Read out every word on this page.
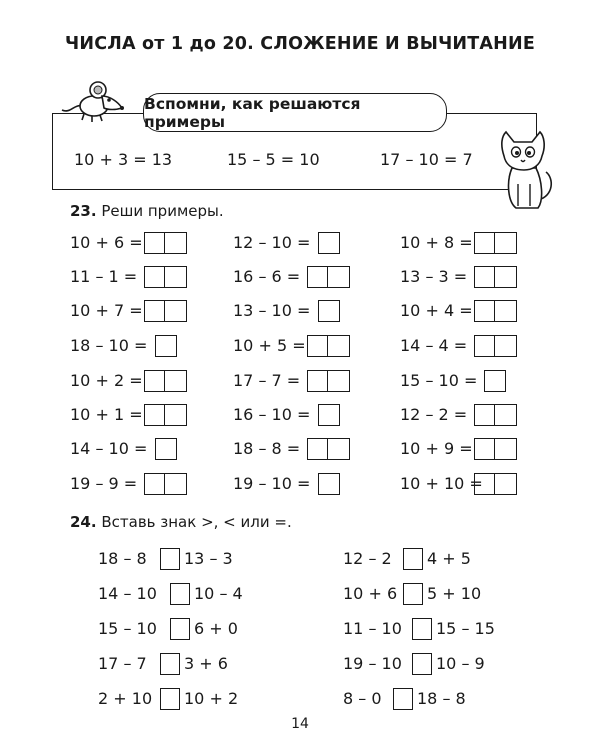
ЧИСЛА от 1 до 20. СЛОЖЕНИЕ И ВЫЧИТАНИЕ
Вспомни, как решаются примеры
10 + 3 = 13	15 – 5 = 10	17 – 10 = 7
23. Реши примеры.
10 + 6 =
11 – 1 =
10 + 7 =
18 – 10 =
10 + 2 =
10 + 1 =
14 – 10 =
19 – 9 =
12 – 10 =
16 – 6 =
13 – 10 =
10 + 5 =
17 – 7 =
16 – 10 =
18 – 8 =
19 – 10 =
10 + 8 =
13 – 3 =
10 + 4 =
14 – 4 =
15 – 10 =
12 – 2 =
10 + 9 =
10 + 10 =
24. Вставь знак >, < или =.
18 – 8 13 – 3
14 – 10 10 – 4
15 – 10 6 + 0
17 – 7 3 + 6
2 + 10 10 + 2
12 – 2 4 + 5
10 + 6 5 + 10
11 – 10 15 – 15
19 – 10 10 – 9
8 – 0 18 – 8
14
